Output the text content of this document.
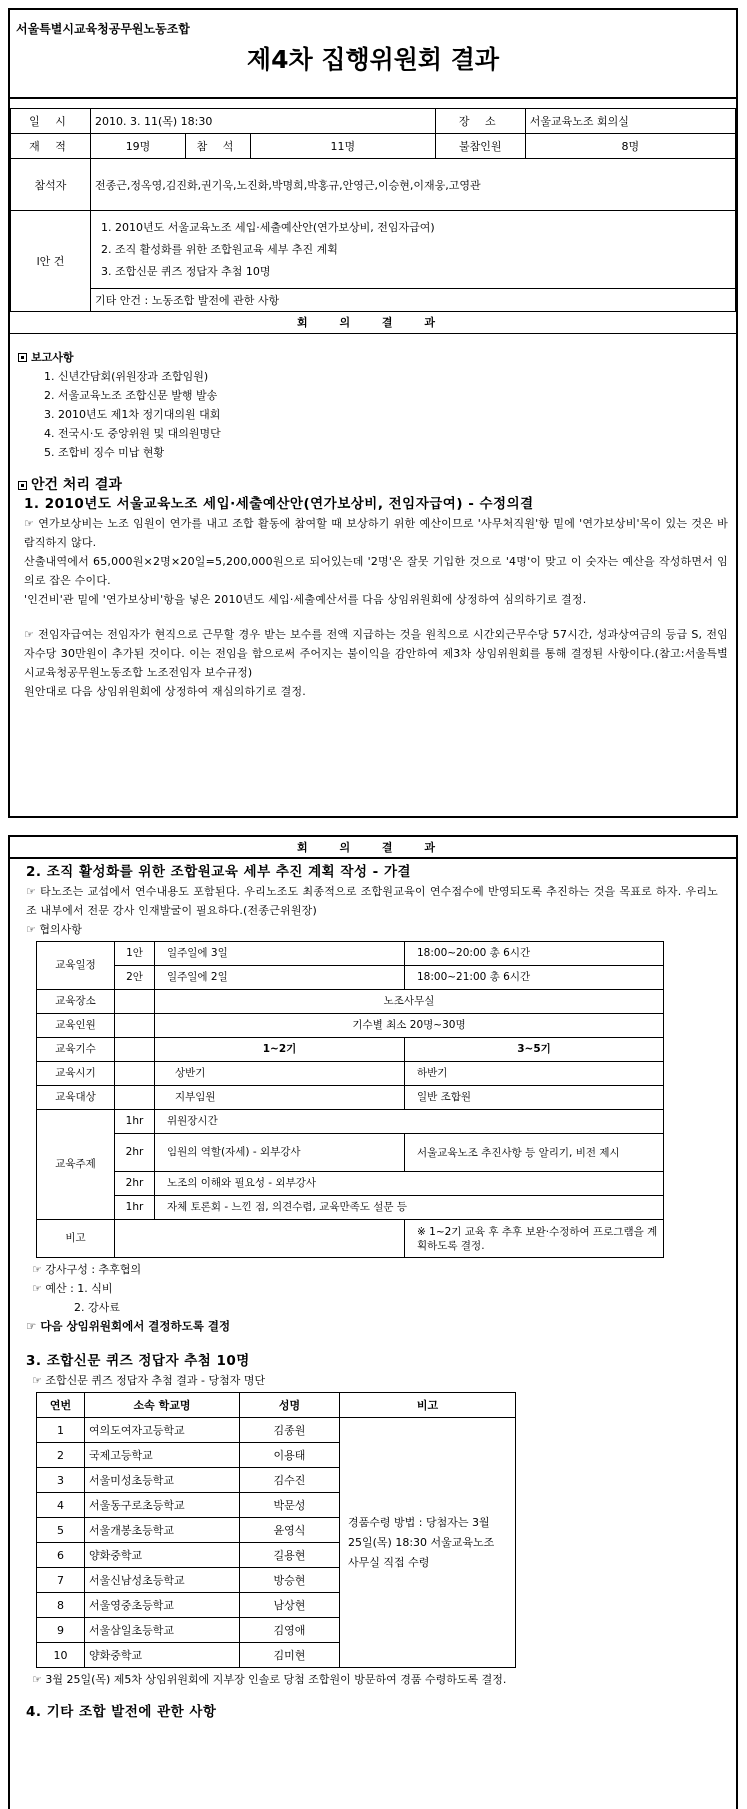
서울특별시교육청공무원노동조합
제4차 집행위원회 결과
일 시	2010. 3. 11(목) 18:30			장 소	서울교육노조 회의실
재 적	19명	참 석	11명	불참인원	8명
참석자	전종근,정옥영,김진화,권기욱,노진화,박명희,박홍규,안영근,이승현,이재웅,고영관				
l안 건	1. 2010년도 서울교육노조 세입·세출예산안(연가보상비, 전임자급여)
2. 조직 활성화를 위한 조합원교육 세부 추진 계획
3. 조합신문 퀴즈 정답자 추첨 10명				

	기타 안건 : 노동조합 발전에 관한 사항				
회 의 결 과
보고사항
1. 신년간담회(위원장과 조합임원)
2. 서울교육노조 조합신문 발행 발송
3. 2010년도 제1차 정기대의원 대회
4. 전국시·도 중앙위원 및 대의원명단
5. 조합비 징수 미납 현황
안건 처리 결과
1. 2010년도 서울교육노조 세입·세출예산안(연가보상비, 전임자급여) - 수정의결
☞ 연가보상비는 노조 임원이 연가를 내고 조합 활동에 참여할 때 보상하기 위한 예산이므로 '사무처직원'항 밑에 '연가보상비'목이 있는 것은 바람직하지 않다.
산출내역에서 65,000원×2명×20일=5,200,000원으로 되어있는데 '2명'은 잘못 기입한 것으로 '4명'이 맞고 이 숫자는 예산을 작성하면서 임의로 잡은 수이다.
'인건비'관 밑에 '연가보상비'항을 넣은 2010년도 세입·세출예산서를 다음 상임위원회에 상정하여 심의하기로 결정.
☞ 전임자급여는 전임자가 현직으로 근무할 경우 받는 보수를 전액 지급하는 것을 원칙으로 시간외근무수당 57시간, 성과상여금의 등급 S, 전임자수당 30만원이 추가된 것이다. 이는 전임을 함으로써 주어지는 불이익을 감안하여 제3차 상임위원회를 통해 결정된 사항이다.(참고:서울특별시교육청공무원노동조합 노조전임자 보수규정)
원안대로 다음 상임위원회에 상정하여 재심의하기로 결정.
회 의 결 과
2. 조직 활성화를 위한 조합원교육 세부 추진 계획 작성 - 가결
☞ 타노조는 교섭에서 연수내용도 포함된다. 우리노조도 최종적으로 조합원교육이 연수점수에 반영되도록 추진하는 것을 목표로 하자. 우리노조 내부에서 전문 강사 인재발굴이 필요하다.(전종근위원장)
☞ 협의사항
교육일정	1안	일주일에 3일	18:00~20:00 총 6시간
	2안	일주일에 2일	18:00~21:00 총 6시간
교육장소		노조사무실	
교육인원		기수별 최소 20명~30명	
교육기수		1~2기	3~5기
교육시기		상반기	하반기
교육대상		지부임원	일반 조합원
교육주제	1hr	위원장시간	
	2hr	임원의 역할(자세) - 외부강사	서울교육노조 추진사항 등 알리기, 비전 제시
	2hr	노조의 이해와 필요성 - 외부강사	
	1hr	자체 토론회 - 느낀 점, 의견수렴, 교육만족도 설문 등	
비고			※ 1~2기 교육 후 추후 보완·수정하여 프로그램을 계획하도록 결정.
☞ 강사구성 : 추후협의
☞ 예산 : 1. 식비
2. 강사료
☞ 다음 상임위원회에서 결정하도록 결정
3. 조합신문 퀴즈 정답자 추첨 10명
☞ 조합신문 퀴즈 정답자 추첨 결과 - 당첨자 명단
연번	소속 학교명	성명	비고
1	여의도여자고등학교	김종원	경품수령 방법 : 당첨자는 3월 25일(목) 18:30 서울교육노조 사무실 직접 수령
2	국제고등학교	이용태	
3	서울미성초등학교	김수진	
4	서울동구로초등학교	박문성	
5	서울개봉초등학교	윤영식	
6	양화중학교	길용현	
7	서울신남성초등학교	방승현	
8	서울영중초등학교	남상현	
9	서울삼일초등학교	김영애	
10	양화중학교	김미현	
☞ 3월 25일(목) 제5차 상임위원회에 지부장 인솔로 당첨 조합원이 방문하여 경품 수령하도록 결정.
4. 기타 조합 발전에 관한 사항
